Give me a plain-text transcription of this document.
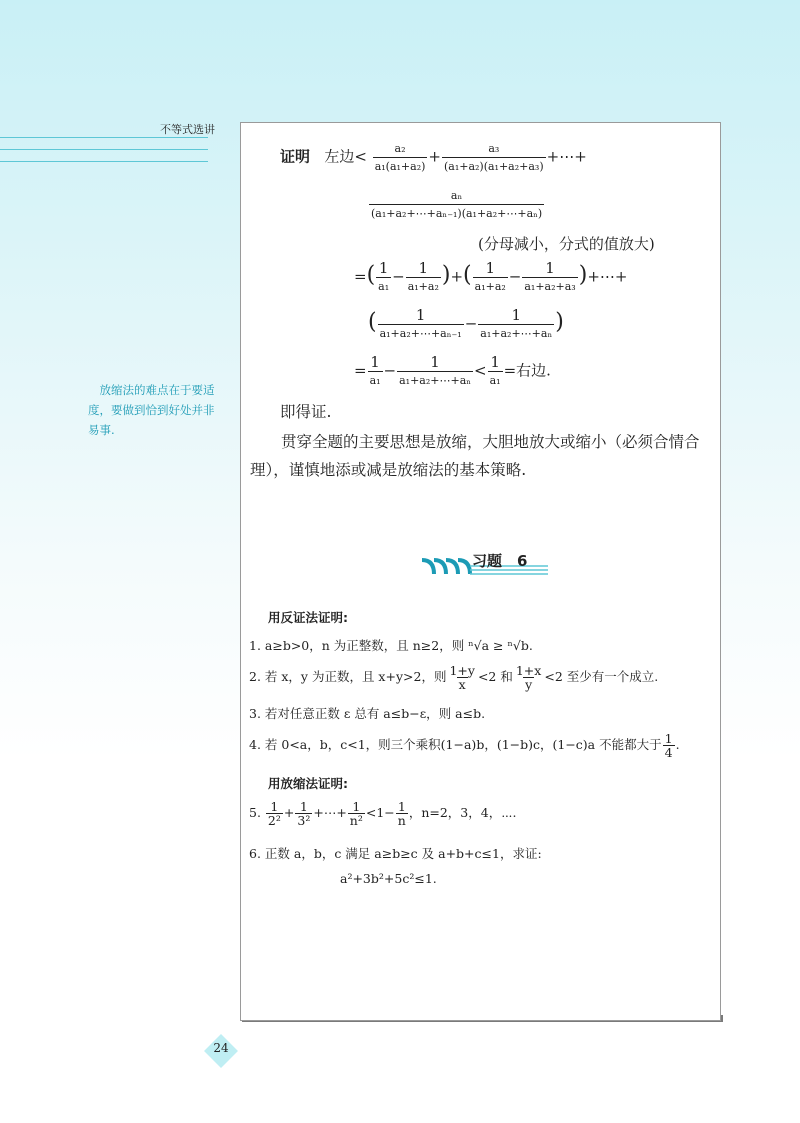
不等式选讲
放缩法的难点在于要适度，要做到恰到好处并非易事.
证明 左边< $\frac{\text{a₂}}{\text{a₁(a₁+a₂)}} + \frac{\text{a₃}}{\text{(a₁+a₂)(a₁+a₂+a₃)}}$ +⋯+
$\frac{\text{aₙ}}{\text{(a₁+a₂+⋯+aₙ₋₁)(a₁+a₂+⋯+aₙ)}}$
(分母减小，分式的值放大)
=( $\frac{1}{\text{a₁}} - \frac{1}{\text{a₁+a₂}}$ )+( $\frac{1}{\text{a₁+a₂}} - \frac{1}{\text{a₁+a₂+a₃}}$ )+⋯+
( $\frac{1}{\text{a₁+a₂+⋯+aₙ₋₁}} - \frac{1}{\text{a₁+a₂+⋯+aₙ}}$ )
= $\frac{1}{\text{a₁}} - \frac{1}{\text{a₁+a₂+⋯+aₙ}} < \frac{1}{\text{a₁}}$ =右边.
即得证.
贯穿全题的主要思想是放缩，大胆地放大或缩小（必须合情合理），谨慎地添或减是放缩法的基本策略.
习题　6
用反证法证明:
1. a≥b>0，n 为正整数，且 n≥2，则 ⁿ√a ≥ ⁿ√b.
2. 若 x，y 为正数，且 x+y>2，则 $\frac{1+y}{x} <2$ 和 $\frac{1+x}{y} <2$ 至少有一个成立.
3. 若对任意正数 ε 总有 a≤b−ε，则 a≤b.
4. 若 0<a，b，c<1，则三个乘积(1−a)b，(1−b)c，(1−c)a 不能都大于 $\frac{1}{4}$ .
用放缩法证明:
5. $\frac{1}{\text{2²}} + \frac{1}{\text{3²}}$ +⋯+ $\frac{1}{\text{n²}} <1- \frac{1}{n}$ ，n=2，3，4，⋯.
6. 正数 a，b，c 满足 a≥b≥c 及 a+b+c≤1，求证:
a²+3b²+5c²≤1.
24
